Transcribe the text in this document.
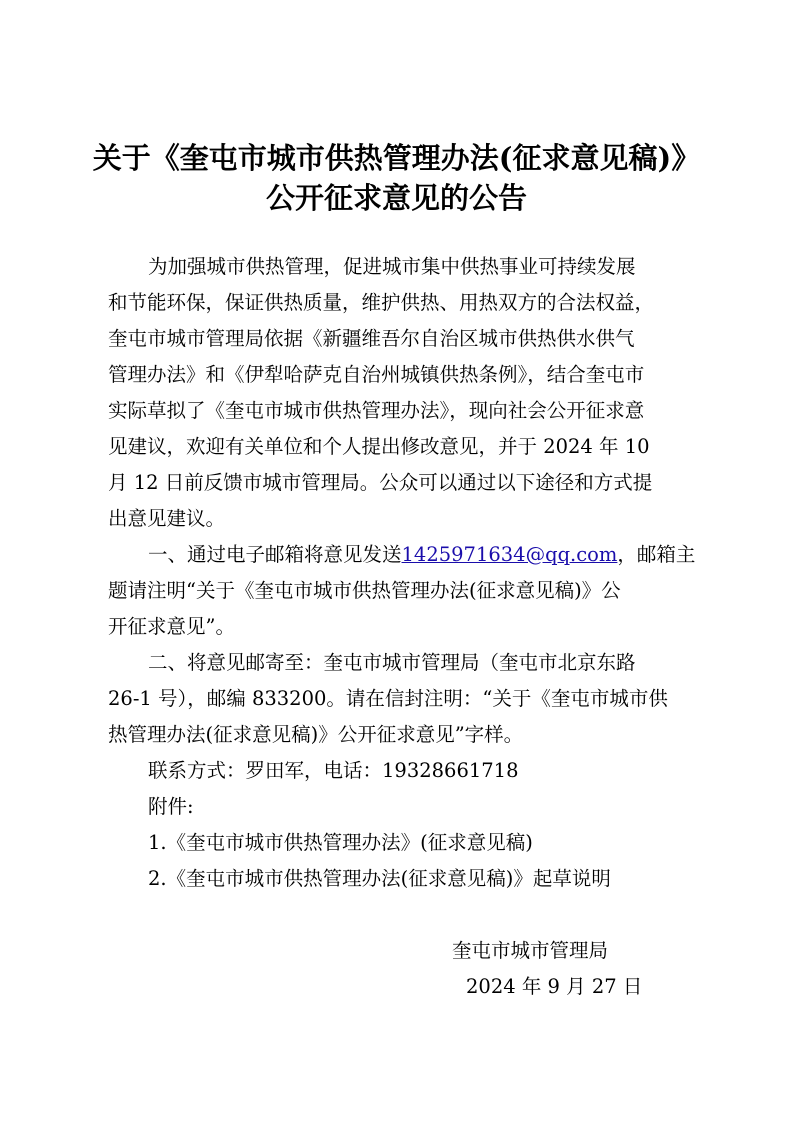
关于《奎屯市城市供热管理办法(征求意见稿)》
公开征求意见的公告
为加强城市供热管理，促进城市集中供热事业可持续发展
和节能环保，保证供热质量，维护供热、用热双方的合法权益，
奎屯市城市管理局依据《新疆维吾尔自治区城市供热供水供气
管理办法》和《伊犁哈萨克自治州城镇供热条例》，结合奎屯市
实际草拟了《奎屯市城市供热管理办法》，现向社会公开征求意
见建议，欢迎有关单位和个人提出修改意见，并于 2024 年 10
月 12 日前反馈市城市管理局。公众可以通过以下途径和方式提
出意见建议。
一、通过电子邮箱将意见发送1425971634@qq.com，邮箱主
题请注明“关于《奎屯市城市供热管理办法(征求意见稿)》公
开征求意见”。
二、将意见邮寄至：奎屯市城市管理局（奎屯市北京东路
26-1 号），邮编 833200。请在信封注明：“关于《奎屯市城市供
热管理办法(征求意见稿)》公开征求意见”字样。
联系方式：罗田军，电话：19328661718
附件:
1.《奎屯市城市供热管理办法》(征求意见稿)
2.《奎屯市城市供热管理办法(征求意见稿)》起草说明
奎屯市城市管理局
2024 年 9 月 27 日
